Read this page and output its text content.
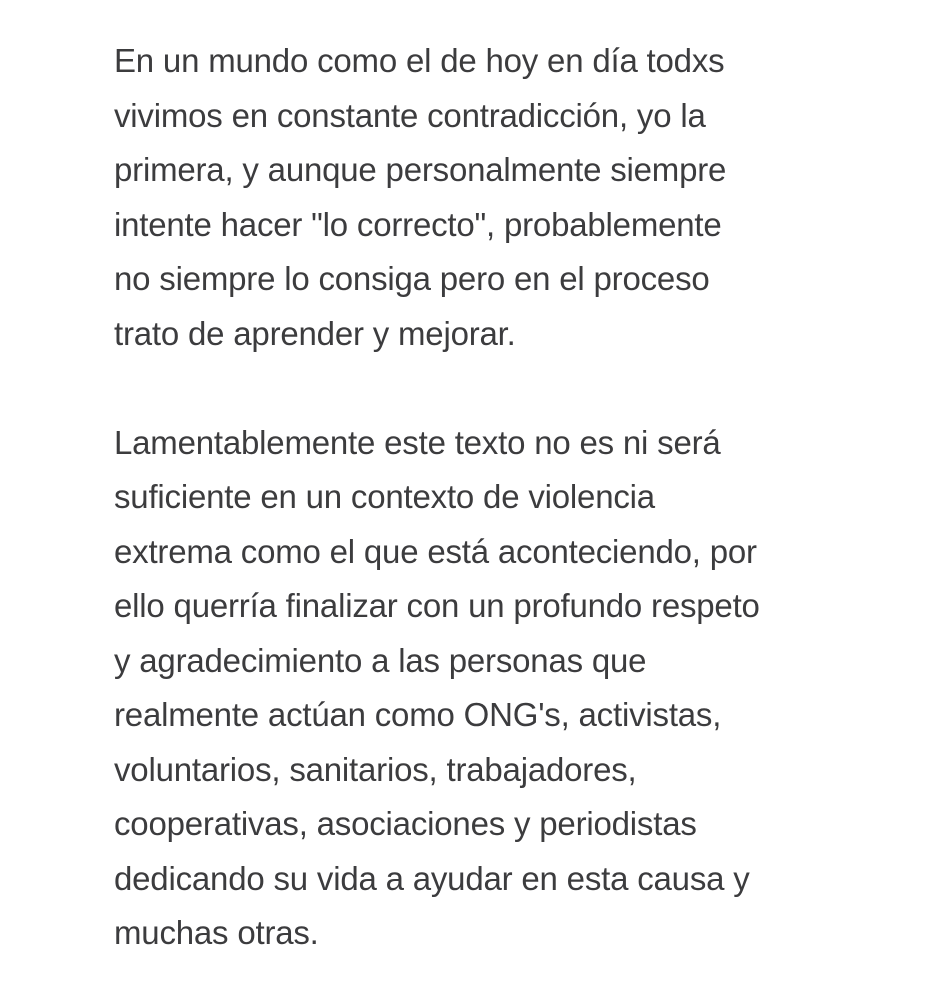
En un mundo como el de hoy en día todxs
vivimos en constante contradicción, yo la
primera, y aunque personalmente siempre
intente hacer "lo correcto", probablemente
no siempre lo consiga pero en el proceso
trato de aprender y mejorar.

Lamentablemente este texto no es ni será
suficiente en un contexto de violencia
extrema como el que está aconteciendo, por
ello querría finalizar con un profundo respeto
y agradecimiento a las personas que
realmente actúan como ONG's, activistas,
voluntarios, sanitarios, trabajadores,
cooperativas, asociaciones y periodistas
dedicando su vida a ayudar en esta causa y
muchas otras.
